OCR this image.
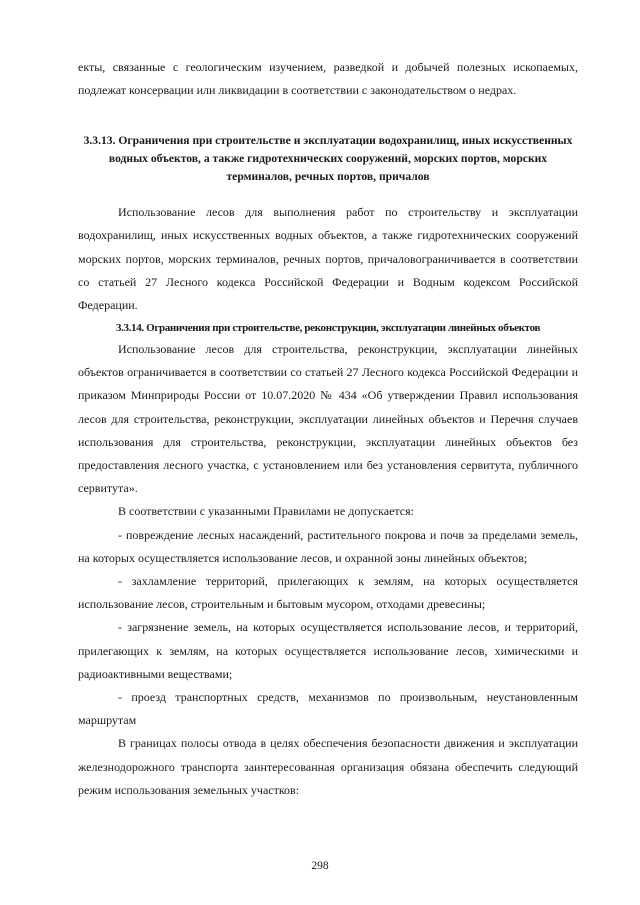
екты, связанные с геологическим изучением, разведкой и добычей полезных ископаемых, подлежат консервации или ликвидации в соответствии с законодательством о недрах.

3.3.13. Ограничения при строительстве и эксплуатации водохранилищ, иных искусственных водных объектов, а также гидротехнических сооружений, морских портов, морских терминалов, речных портов, причалов

Использование лесов для выполнения работ по строительству и эксплуатации водохранилищ, иных искусственных водных объектов, а также гидротехнических сооружений морских портов, морских терминалов, речных портов, причаловограничивается в соответствии со статьей 27 Лесного кодекса Российской Федерации и Водным кодексом Российской Федерации.

3.3.14. Ограничения при строительстве, реконструкции, эксплуатации линейных объектов

Использование лесов для строительства, реконструкции, эксплуатации линейных объектов ограничивается в соответствии со статьей 27 Лесного кодекса Российской Федерации и приказом Минприроды России от 10.07.2020 № 434 «Об утверждении Правил использования лесов для строительства, реконструкции, эксплуатации линейных объектов и Перечня случаев использования для строительства, реконструкции, эксплуатации линейных объектов без предоставления лесного участка, с установлением или без установления сервитута, публичного сервитута».

В соответствии с указанными Правилами не допускается:

- повреждение лесных насаждений, растительного покрова и почв за пределами земель, на которых осуществляется использование лесов, и охранной зоны линейных объектов;

- захламление территорий, прилегающих к землям, на которых осуществляется использование лесов, строительным и бытовым мусором, отходами древесины;

- загрязнение земель, на которых осуществляется использование лесов, и территорий, прилегающих к землям, на которых осуществляется использование лесов, химическими и радиоактивными веществами;

- проезд транспортных средств, механизмов по произвольным, неустановленным маршрутам

В границах полосы отвода в целях обеспечения безопасности движения и эксплуатации железнодорожного транспорта заинтересованная организация обязана обеспечить следующий режим использования земельных участков:

298
